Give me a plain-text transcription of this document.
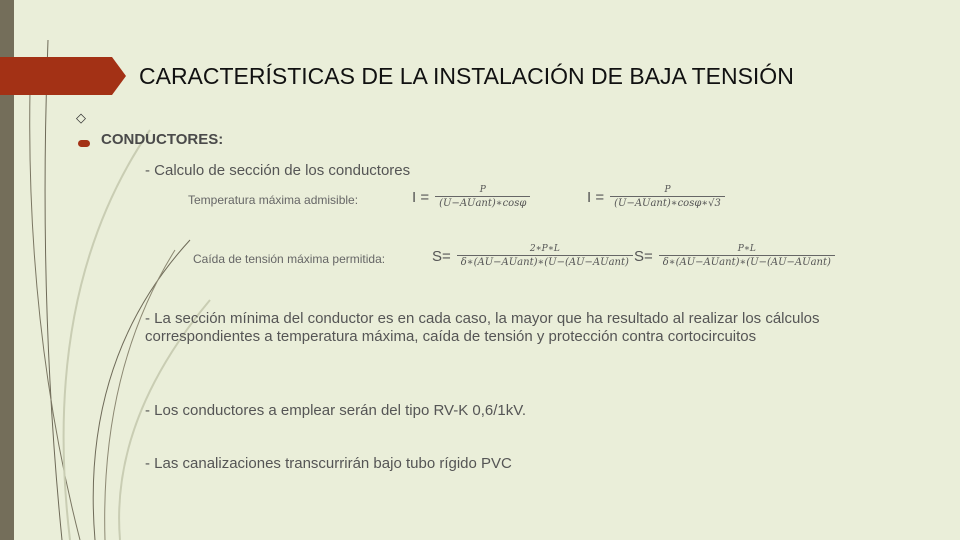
CARACTERÍSTICAS DE LA INSTALACIÓN DE BAJA TENSIÓN
◇
CONDUCTORES:
- Calculo de sección de los conductores
Temperatura máxima admisible:	$I = \frac{P}{\text{(U−AUant)∗cosφ}}$	$I = \frac{P}{\text{(U−AUant)∗cosφ∗√3}}$
Caída de tensión máxima permitida:	$S= \frac{2∗P∗L}{\text{δ∗(AU−AUant)∗(U−(AU−AUant)}} S= \frac{P∗L}{\text{δ∗(AU−AUant)∗(U−(AU−AUant)}}$
- La sección mínima del conductor es en cada caso, la mayor que ha resultado al realizar los cálculos correspondientes a temperatura máxima, caída de tensión y protección contra cortocircuitos
- Los conductores a emplear serán del tipo RV-K 0,6/1kV.
- Las canalizaciones transcurrirán bajo tubo rígido PVC
